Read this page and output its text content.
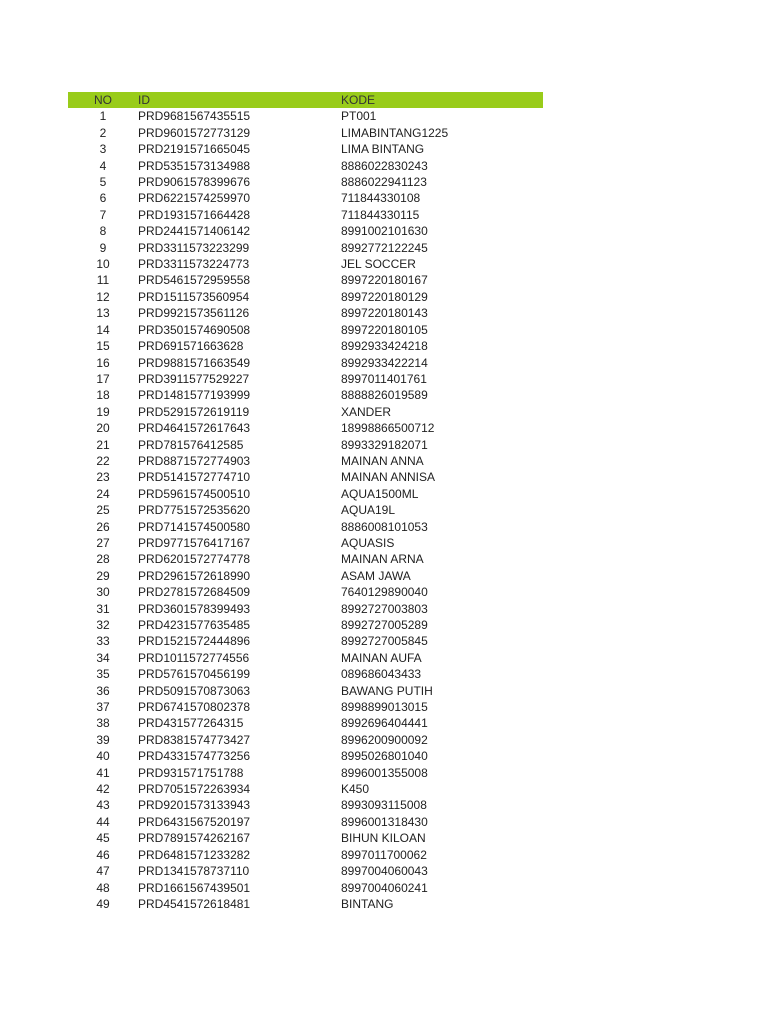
NO	ID	KODE
1	PRD9681567435515	PT001
2	PRD9601572773129	LIMABINTANG1225
3	PRD2191571665045	LIMA BINTANG
4	PRD5351573134988	8886022830243
5	PRD9061578399676	8886022941123
6	PRD6221574259970	711844330108
7	PRD1931571664428	711844330115
8	PRD2441571406142	8991002101630
9	PRD3311573223299	8992772122245
10	PRD3311573224773	JEL SOCCER
11	PRD5461572959558	8997220180167
12	PRD1511573560954	8997220180129
13	PRD9921573561126	8997220180143
14	PRD3501574690508	8997220180105
15	PRD691571663628	8992933424218
16	PRD9881571663549	8992933422214
17	PRD3911577529227	8997011401761
18	PRD1481577193999	8888826019589
19	PRD5291572619119	XANDER
20	PRD4641572617643	18998866500712
21	PRD781576412585	8993329182071
22	PRD8871572774903	MAINAN ANNA
23	PRD5141572774710	MAINAN ANNISA
24	PRD5961574500510	AQUA1500ML
25	PRD7751572535620	AQUA19L
26	PRD7141574500580	8886008101053
27	PRD9771576417167	AQUASIS
28	PRD6201572774778	MAINAN ARNA
29	PRD2961572618990	ASAM JAWA
30	PRD2781572684509	7640129890040
31	PRD3601578399493	8992727003803
32	PRD4231577635485	8992727005289
33	PRD1521572444896	8992727005845
34	PRD1011572774556	MAINAN AUFA
35	PRD5761570456199	089686043433
36	PRD5091570873063	BAWANG PUTIH
37	PRD6741570802378	8998899013015
38	PRD431577264315	8992696404441
39	PRD8381574773427	8996200900092
40	PRD4331574773256	8995026801040
41	PRD931571751788	8996001355008
42	PRD7051572263934	K450
43	PRD9201573133943	8993093115008
44	PRD6431567520197	8996001318430
45	PRD7891574262167	BIHUN KILOAN
46	PRD6481571233282	8997011700062
47	PRD1341578737110	8997004060043
48	PRD1661567439501	8997004060241
49	PRD4541572618481	BINTANG
